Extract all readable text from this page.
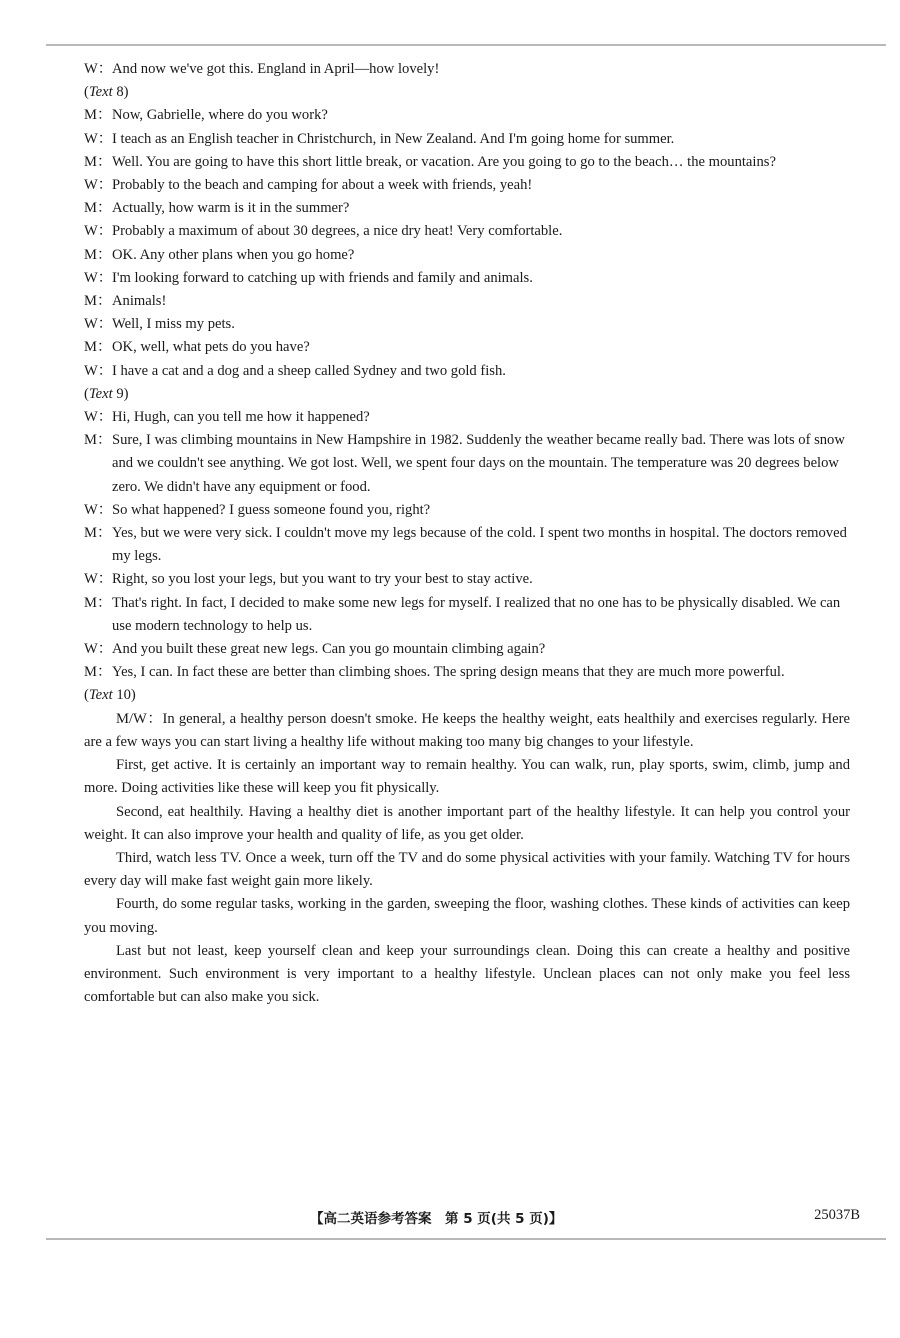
W： And now we've got this. England in April—how lovely!
(Text 8)
M： Now, Gabrielle, where do you work?
W： I teach as an English teacher in Christchurch, in New Zealand. And I'm going home for summer.
M： Well. You are going to have this short little break, or vacation. Are you going to go to the beach… the mountains?
W： Probably to the beach and camping for about a week with friends, yeah!
M： Actually, how warm is it in the summer?
W： Probably a maximum of about 30 degrees, a nice dry heat! Very comfortable.
M： OK. Any other plans when you go home?
W： I'm looking forward to catching up with friends and family and animals.
M： Animals!
W： Well, I miss my pets.
M： OK, well, what pets do you have?
W： I have a cat and a dog and a sheep called Sydney and two gold fish.
(Text 9)
W： Hi, Hugh, can you tell me how it happened?
M： Sure, I was climbing mountains in New Hampshire in 1982. Suddenly the weather became really bad. There was lots of snow and we couldn't see anything. We got lost. Well, we spent four days on the mountain. The temperature was 20 degrees below zero. We didn't have any equipment or food.
W： So what happened? I guess someone found you, right?
M： Yes, but we were very sick. I couldn't move my legs because of the cold. I spent two months in hospital. The doctors removed my legs.
W： Right, so you lost your legs, but you want to try your best to stay active.
M： That's right. In fact, I decided to make some new legs for myself. I realized that no one has to be physically disabled. We can use modern technology to help us.
W： And you built these great new legs. Can you go mountain climbing again?
M： Yes, I can. In fact these are better than climbing shoes. The spring design means that they are much more powerful.
(Text 10)
M/W：In general, a healthy person doesn't smoke. He keeps the healthy weight, eats healthily and exercises regularly. Here are a few ways you can start living a healthy life without making too many big changes to your lifestyle.
First, get active. It is certainly an important way to remain healthy. You can walk, run, play sports, swim, climb, jump and more. Doing activities like these will keep you fit physically.
Second, eat healthily. Having a healthy diet is another important part of the healthy lifestyle. It can help you control your weight. It can also improve your health and quality of life, as you get older.
Third, watch less TV. Once a week, turn off the TV and do some physical activities with your family. Watching TV for hours every day will make fast weight gain more likely.
Fourth, do some regular tasks, working in the garden, sweeping the floor, washing clothes. These kinds of activities can keep you moving.
Last but not least, keep yourself clean and keep your surroundings clean. Doing this can create a healthy and positive environment. Such environment is very important to a healthy lifestyle. Unclean places can not only make you feel less comfortable but can also make you sick.
【高二英语参考答案　第 5 页(共 5 页)】	25037B
